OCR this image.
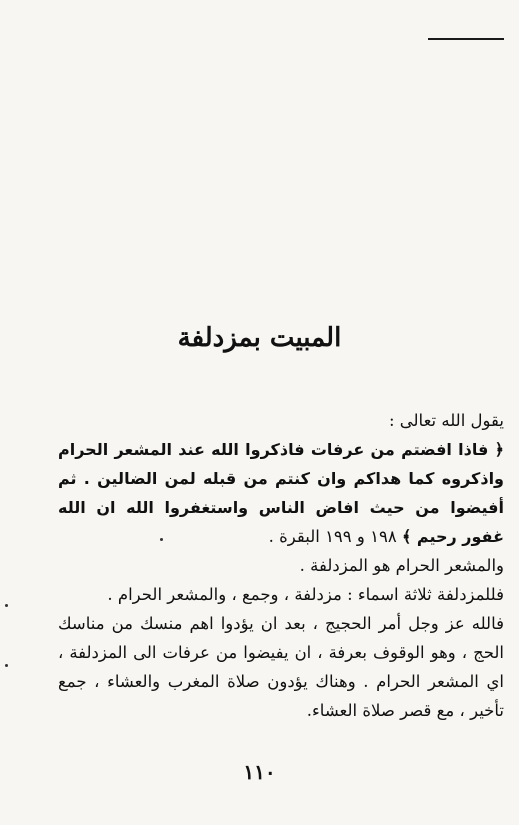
المبيت بمزدلفة

يقول الله تعالى :

﴿ فاذا افضتم من عرفات فاذكروا الله عند المشعر الحرام واذكروه كما هداكم وان كنتم من قبله لمن الضالين . ثم أفيضوا من حيث افاض الناس واستغفروا الله ان الله غفور رحيم ﴾ ١٩٨ و ١٩٩ البقرة .

والمشعر الحرام هو المزدلفة .

فللمزدلفة ثلاثة اسماء : مزدلفة ، وجمع ، والمشعر الحرام .

فالله عز وجل أمر الحجيج ، بعد ان يؤدوا اهم منسك من مناسك الحج ، وهو الوقوف بعرفة ، ان يفيضوا من عرفات الى المزدلفة ، اي المشعر الحرام . وهناك يؤدون صلاة المغرب والعشاء ، جمع تأخير ، مع قصر صلاة العشاء.

١١٠
